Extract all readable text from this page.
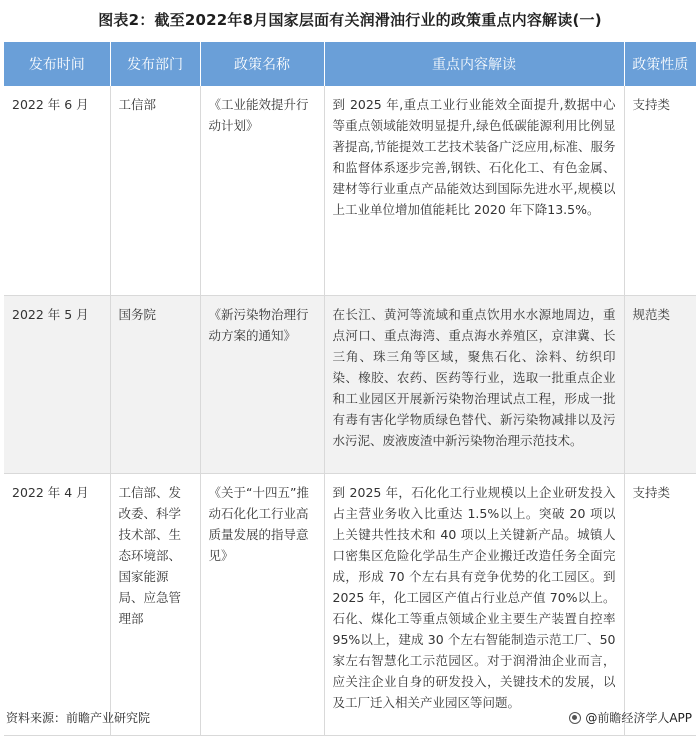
图表2：截至2022年8月国家层面有关润滑油行业的政策重点内容解读(一)
发布时间	发布部门	政策名称	重点内容解读	政策性质
2022 年 6 月	工信部	《工业能效提升行动计划》	到 2025 年,重点工业行业能效全面提升,数据中心等重点领域能效明显提升,绿色低碳能源利用比例显著提高,节能提效工艺技术装备广泛应用,标准、服务和监督体系逐步完善,钢铁、石化化工、有色金属、建材等行业重点产品能效达到国际先进水平,规模以上工业单位增加值能耗比 2020 年下降13.5%。	支持类
2022 年 5 月	国务院	《新污染物治理行动方案的通知》	在长江、黄河等流域和重点饮用水水源地周边，重点河口、重点海湾、重点海水养殖区，京津冀、长三角、珠三角等区域，聚焦石化、涂料、纺织印染、橡胶、农药、医药等行业，选取一批重点企业和工业园区开展新污染物治理试点工程，形成一批有毒有害化学物质绿色替代、新污染物减排以及污水污泥、废液废渣中新污染物治理示范技术。	规范类
2022 年 4 月	工信部、发改委、科学技术部、生态环境部、国家能源局、应急管理部	《关于“十四五”推动石化化工行业高质量发展的指导意见》	到 2025 年，石化化工行业规模以上企业研发投入占主营业务收入比重达 1.5%以上。突破 20 项以上关键共性技术和 40 项以上关键新产品。城镇人口密集区危险化学品生产企业搬迁改造任务全面完成，形成 70 个左右具有竞争优势的化工园区。到2025 年，化工园区产值占行业总产值 70%以上。石化、煤化工等重点领域企业主要生产装置自控率95%以上，建成 30 个左右智能制造示范工厂、50家左右智慧化工示范园区。对于润滑油企业而言，应关注企业自身的研发投入，关键技术的发展，以及工厂迁入相关产业园区等问题。	支持类
资料来源：前瞻产业研究院	@前瞻经济学人APP
